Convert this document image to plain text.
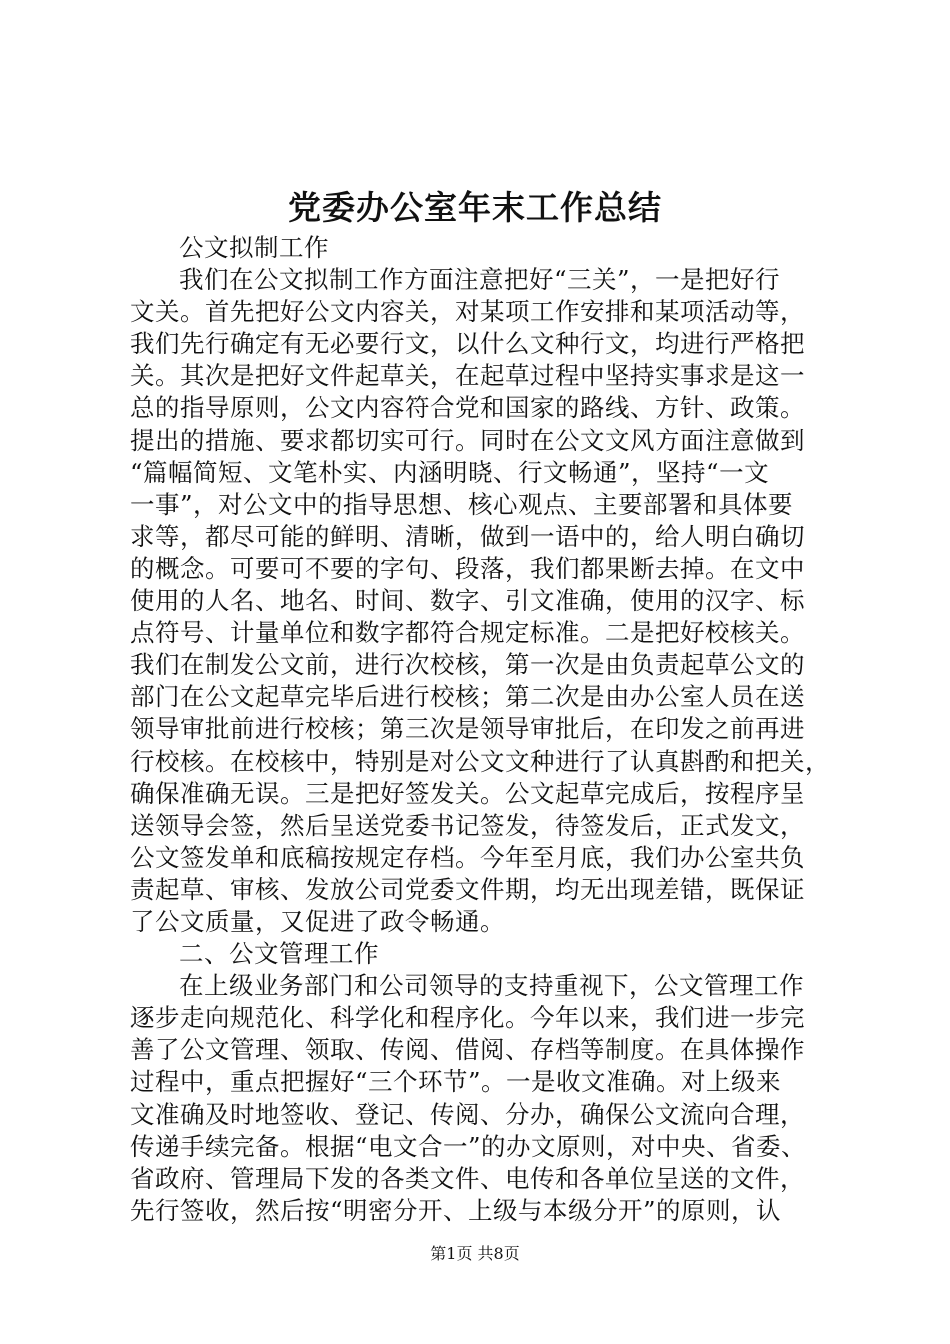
党委办公室年末工作总结
公文拟制工作
我们在公文拟制工作方面注意把好“三关”，一是把好行
文关。首先把好公文内容关，对某项工作安排和某项活动等，
我们先行确定有无必要行文，以什么文种行文，均进行严格把
关。其次是把好文件起草关，在起草过程中坚持实事求是这一
总的指导原则，公文内容符合党和国家的路线、方针、政策。
提出的措施、要求都切实可行。同时在公文文风方面注意做到
“篇幅简短、文笔朴实、内涵明晓、行文畅通”，坚持“一文
一事”，对公文中的指导思想、核心观点、主要部署和具体要
求等，都尽可能的鲜明、清晰，做到一语中的，给人明白确切
的概念。可要可不要的字句、段落，我们都果断去掉。在文中
使用的人名、地名、时间、数字、引文准确，使用的汉字、标
点符号、计量单位和数字都符合规定标准。二是把好校核关。
我们在制发公文前，进行次校核，第一次是由负责起草公文的
部门在公文起草完毕后进行校核；第二次是由办公室人员在送
领导审批前进行校核；第三次是领导审批后，在印发之前再进
行校核。在校核中，特别是对公文文种进行了认真斟酌和把关，
确保准确无误。三是把好签发关。公文起草完成后，按程序呈
送领导会签，然后呈送党委书记签发，待签发后，正式发文，
公文签发单和底稿按规定存档。今年至月底，我们办公室共负
责起草、审核、发放公司党委文件期，均无出现差错，既保证
了公文质量，又促进了政令畅通。
二、公文管理工作
在上级业务部门和公司领导的支持重视下，公文管理工作
逐步走向规范化、科学化和程序化。今年以来，我们进一步完
善了公文管理、领取、传阅、借阅、存档等制度。在具体操作
过程中，重点把握好“三个环节”。一是收文准确。对上级来
文准确及时地签收、登记、传阅、分办，确保公文流向合理，
传递手续完备。根据“电文合一”的办文原则，对中央、省委、
省政府、管理局下发的各类文件、电传和各单位呈送的文件，
先行签收，然后按“明密分开、上级与本级分开”的原则，认
第1页 共8页
